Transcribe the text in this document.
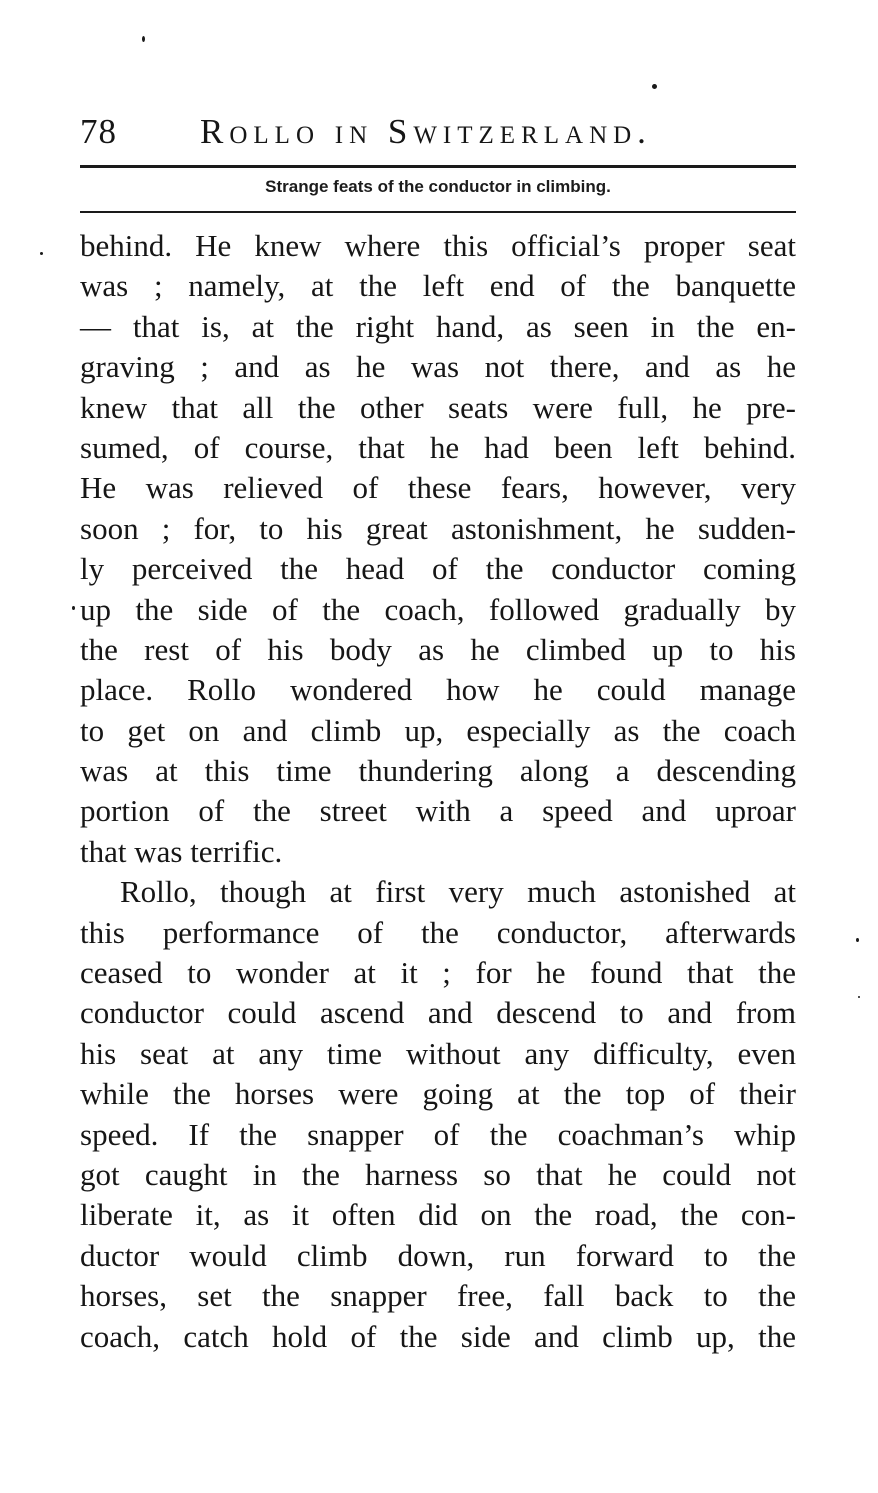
78 Rollo in Switzerland.
Strange feats of the conductor in climbing.
behind. He knew where this official’s proper seat
was ; namely, at the left end of the banquette
— that is, at the right hand, as seen in the en-
graving ; and as he was not there, and as he
knew that all the other seats were full, he pre-
sumed, of course, that he had been left behind.
He was relieved of these fears, however, very
soon ; for, to his great astonishment, he sudden-
ly perceived the head of the conductor coming
up the side of the coach, followed gradually by
the rest of his body as he climbed up to his
place. Rollo wondered how he could manage
to get on and climb up, especially as the coach
was at this time thundering along a descending
portion of the street with a speed and uproar
that was terrific.
Rollo, though at first very much astonished at
this performance of the conductor, afterwards
ceased to wonder at it ; for he found that the
conductor could ascend and descend to and from
his seat at any time without any difficulty, even
while the horses were going at the top of their
speed. If the snapper of the coachman’s whip
got caught in the harness so that he could not
liberate it, as it often did on the road, the con-
ductor would climb down, run forward to the
horses, set the snapper free, fall back to the
coach, catch hold of the side and climb up, the
